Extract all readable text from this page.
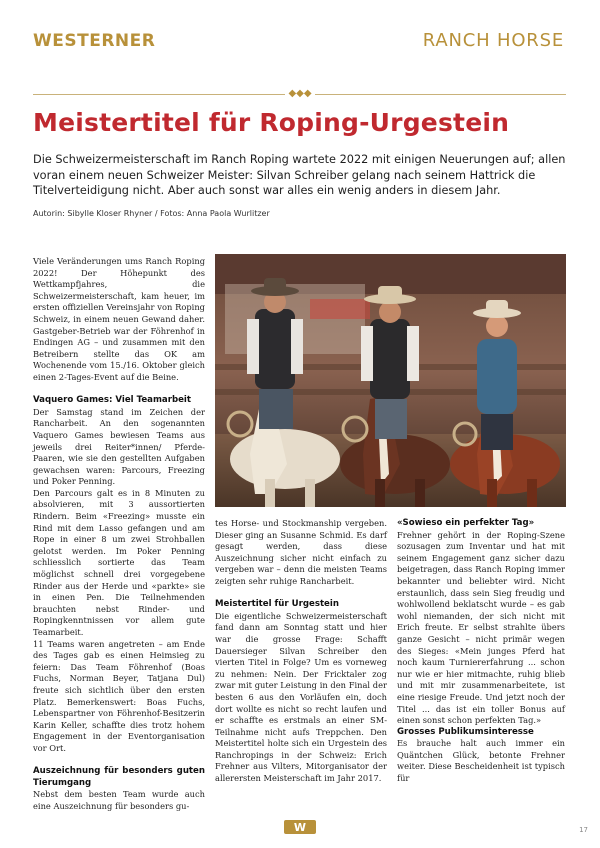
WESTERNER	RANCH HORSE
◆◆◆
Meistertitel für Roping-Urgestein
Die Schweizermeisterschaft im Ranch Roping wartete 2022 mit einigen Neuerungen auf; allen voran einem neuen Schweizer Meister: Silvan Schreiber gelang nach seinem Hattrick die Titelverteidigung nicht. Aber auch sonst war alles ein wenig anders in diesem Jahr.
Autorin: Sibylle Kloser Rhyner / Fotos: Anna Paola Wurlitzer

Viele Veränderungen ums Ranch Roping 2022! Der Höhepunkt des Wettkampfjahres, die Schweizermeisterschaft, kam heuer, im ersten offiziellen Vereinsjahr von Roping Schweiz, in einem neuen Gewand daher. Gastgeber-Betrieb war der Föhrenhof in Endingen AG – und zusammen mit den Betreibern stellte das OK am Wochenende vom 15./16. Oktober gleich einen 2-Tages-Event auf die Beine.

Vaquero Games: Viel Teamarbeit

Der Samstag stand im Zeichen der Rancharbeit. An den sogenannten Vaquero Games bewiesen Teams aus jeweils drei Reiter*innen/ Pferde-Paaren, wie sie den gestellten Aufgaben gewachsen waren: Parcours, Freezing und Poker Penning.

Den Parcours galt es in 8 Minuten zu absolvieren, mit 3 aussortierten Rindern. Beim «Freezing» musste ein Rind mit dem Lasso gefangen und am Rope in einer 8 um zwei Strohballen gelotst werden. Im Poker Penning schliesslich sortierte das Team möglichst schnell drei vorgegebene Rinder aus der Herde und «parkte» sie in einen Pen. Die Teilnehmenden brauchten nebst Rinder- und Ropingkenntnissen vor allem gute Teamarbeit.

11 Teams waren angetreten – am Ende des Tages gab es einen Heimsieg zu feiern: Das Team Föhrenhof (Boas Fuchs, Norman Beyer, Tatjana Dul) freute sich sichtlich über den ersten Platz. Bemerkenswert: Boas Fuchs, Lebenspartner von Föhrenhof-Besitzerin Karin Keller, schaffte dies trotz hohem Engagement in der Eventorganisation vor Ort.

Auszeichnung für besonders guten Tierumgang

Nebst dem besten Team wurde auch eine Auszeichnung für besonders gu-

tes Horse- und Stockmanship vergeben. Dieser ging an Susanne Schmid. Es darf gesagt werden, dass diese Auszeichnung sicher nicht einfach zu vergeben war – denn die meisten Teams zeigten sehr ruhige Rancharbeit.

Meistertitel für Urgestein

Die eigentliche Schweizermeisterschaft fand dann am Sonntag statt und hier war die grosse Frage: Schafft Dauersieger Silvan Schreiber den vierten Titel in Folge? Um es vorneweg zu nehmen: Nein. Der Fricktaler zog zwar mit guter Leistung in den Final der besten 6 aus den Vorläufen ein, doch dort wollte es nicht so recht laufen und er schaffte es erstmals an einer SM-Teilnahme nicht aufs Treppchen. Den Meistertitel holte sich ein Urgestein des Ranchropings in der Schweiz: Erich Frehner aus Vilters, Mitorganisator der allerersten Meisterschaft im Jahr 2017.

«Sowieso ein perfekter Tag»

Frehner gehört in der Roping-Szene sozusagen zum Inventar und hat mit seinem Engagement ganz sicher dazu beigetragen, dass Ranch Roping immer bekannter und beliebter wird. Nicht erstaunlich, dass sein Sieg freudig und wohlwollend beklatscht wurde – es gab wohl niemanden, der sich nicht mit Erich freute. Er selbst strahlte übers ganze Gesicht – nicht primär wegen des Sieges: «Mein junges Pferd hat noch kaum Turniererfahrung ... schon nur wie er hier mitmachte, ruhig blieb und mit mir zusammenarbeitete, ist eine riesige Freude. Und jetzt noch der Titel ... das ist ein toller Bonus auf einen sonst schon perfekten Tag.»

Grosses Publikumsinteresse

Es brauche halt auch immer ein Quäntchen Glück, betonte Frehner weiter. Diese Bescheidenheit ist typisch für

W	17
